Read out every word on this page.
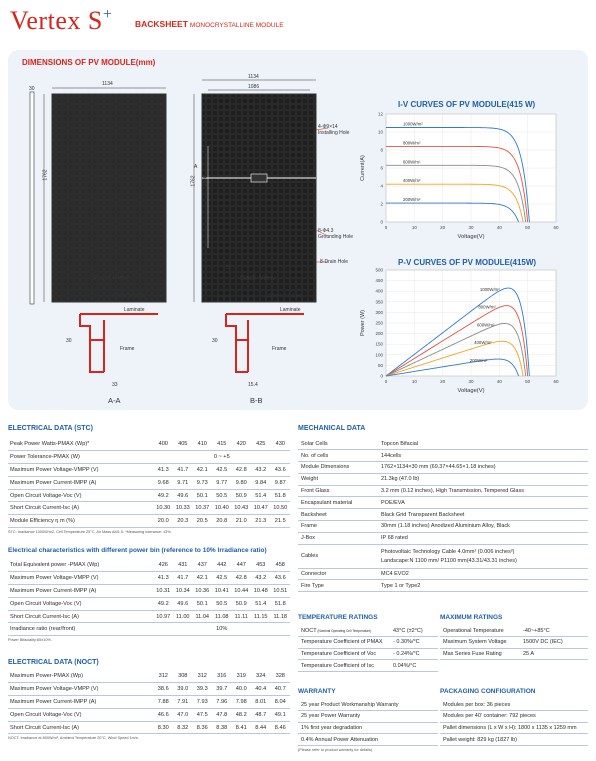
Vertex S+
BACKSHEET MONOCRYSTALLINE MODULE
DIMENSIONS OF PV MODULE(mm)
30
1134
1762
1134
1086
1762 1100
A
18
4-Φ9×14
Installing Hole
8-Φ4.3
Grounding Hole
8-Drain Hole
Front View	Back View
Silicon Sealant
Laminate
Frame
30
33
A-A
Silicon Sealant
Laminate
Frame
30
15.4
B-B
I-V CURVES OF PV MODULE(415 W)
0
2
4
6
8
10
12
0	10	20	30	40	50	60
1000W/m²
800W/m²
600W/m²
400W/m²
200W/m²
Current(A)
Voltage(V)
P-V CURVES OF PV MODULE(415W)
0
50
100
150
200
250
300
350
400
450
500
0	10	20	30	40	50	60
1000W/m²
800W/m²
600W/m²
400W/m²
200W/m²
Power (W)
Voltage(V)
ELECTRICAL DATA (STC)
Peak Power Watts-PMAX (Wp)*	400	405	410	415	420	425	430
Power Tolerance-PMAX (W)	0 ~ +5						
Maximum Power Voltage-VMPP (V)	41.3	41.7	42.1	42.5	42.8	43.2	43.6
Maximum Power Current-IMPP (A)	9.68	9.71	9.73	9.77	9.80	9.84	9.87
Open Circuit Voltage-Voc (V)	49.2	49.6	50.1	50.5	50.9	51.4	51.8
Short Circuit Current-Isc (A)	10.30	10.33	10.37	10.40	10.43	10.47	10.50
Module Efficiency η m (%)	20.0	20.3	20.5	20.8	21.0	21.3	21.5
STC: Irradiance 1000W/m2, Cell Temperature 25°C, Air Mass AM1.5. *Measuring tolerance: ±3%.
Electrical characteristics with different power bin (reference to 10% Irradiance ratio)
Total Equivalent power -PMAX (Wp)	426	431	437	442	447	453	458
Maximum Power Voltage-VMPP (V)	41.3	41.7	42.1	42.5	42.8	43.2	43.6
Maximum Power Current-IMPP (A)	10.31	10.34	10.36	10.41	10.44	10.48	10.51
Open Circuit Voltage-Voc (V)	49.2	49.6	50.1	50.5	50.9	51.4	51.8
Short Circuit Current-Isc (A)	10.97	11.00	11.04	11.08	11.11	11.15	11.18
Irradiance ratio (rear/front)	10%						
Power Bifaciality:65±10%.
ELECTRICAL DATA (NOCT)
Maximum Power-PMAX (Wp)	312	308	312	316	319	324	328
Maximum Power Voltage-VMPP (V)	38.6	39.0	39.3	39.7	40.0	40.4	40.7
Maximum Power Current-IMPP (A)	7.88	7.91	7.93	7.96	7.98	8.01	8.04
Open Circuit Voltage-Voc (V)	46.6	47.0	47.5	47.8	48.2	48.7	49.1
Short Circuit Current-Isc (A)	8.30	8.32	8.36	8.38	8.41	8.44	8.46
NOCT: Irradiance at 800W/m², Ambient Temperature 20°C, Wind Speed 1m/s.
MECHANICAL DATA
Solar Cells	Topcon Bifacial

No. of cells	144cells

Module Dimensions	1762×1134×30 mm (69.37×44.65×1.18 inches)

Weight	21.3kg (47.0 lb)

Front Glass	3.2 mm (0.12 inches), High Transmission, Tempered Glass

Encapsulant material	POE/EVA

Backsheet	Black Grid Transparent Backsheet

Frame	30mm (1.18 inches) Anodized Aluminium Alloy, Black

J-Box	IP 68 rated

Cables	Photovoltaic Technology Cable 4.0mm² (0.006 inches²)
Landscape:N 1100 mm/ P1100 mm(43.31/43.31 inches)

Connector	MC4 EVO2

Fire Type	Type 1 or Type2
TEMPERATURE RATINGS
NOCT (Nominal Operating Cell Temperature)	43°C (±2°C)
Temperature Coefficient of PMAX	- 0.30%/°C
Temperature Coefficient of Voc	- 0.24%/°C
Temperature Coefficient of Isc	0.04%/°C
MAXIMUM RATINGS
Operational Temperature	-40~+85°C
Maximum System Voltage	1500V DC (IEC)
Max Series Fuse Rating	25 A
WARRANTY
25 year Product Workmanship Warranty
25 year Power Warranty
1% first year degradation
0.4% Annual Power Attenuation
(Please refer to product warranty for details)
PACKAGING CONFIGURATION
Modules per box: 36 pieces
Modules per 40' container: 792 pieces
Pallet dimensions (L x W x H): 1800 x 1135 x 1259 mm
Pallet weight: 829 kg (1827 lb)
